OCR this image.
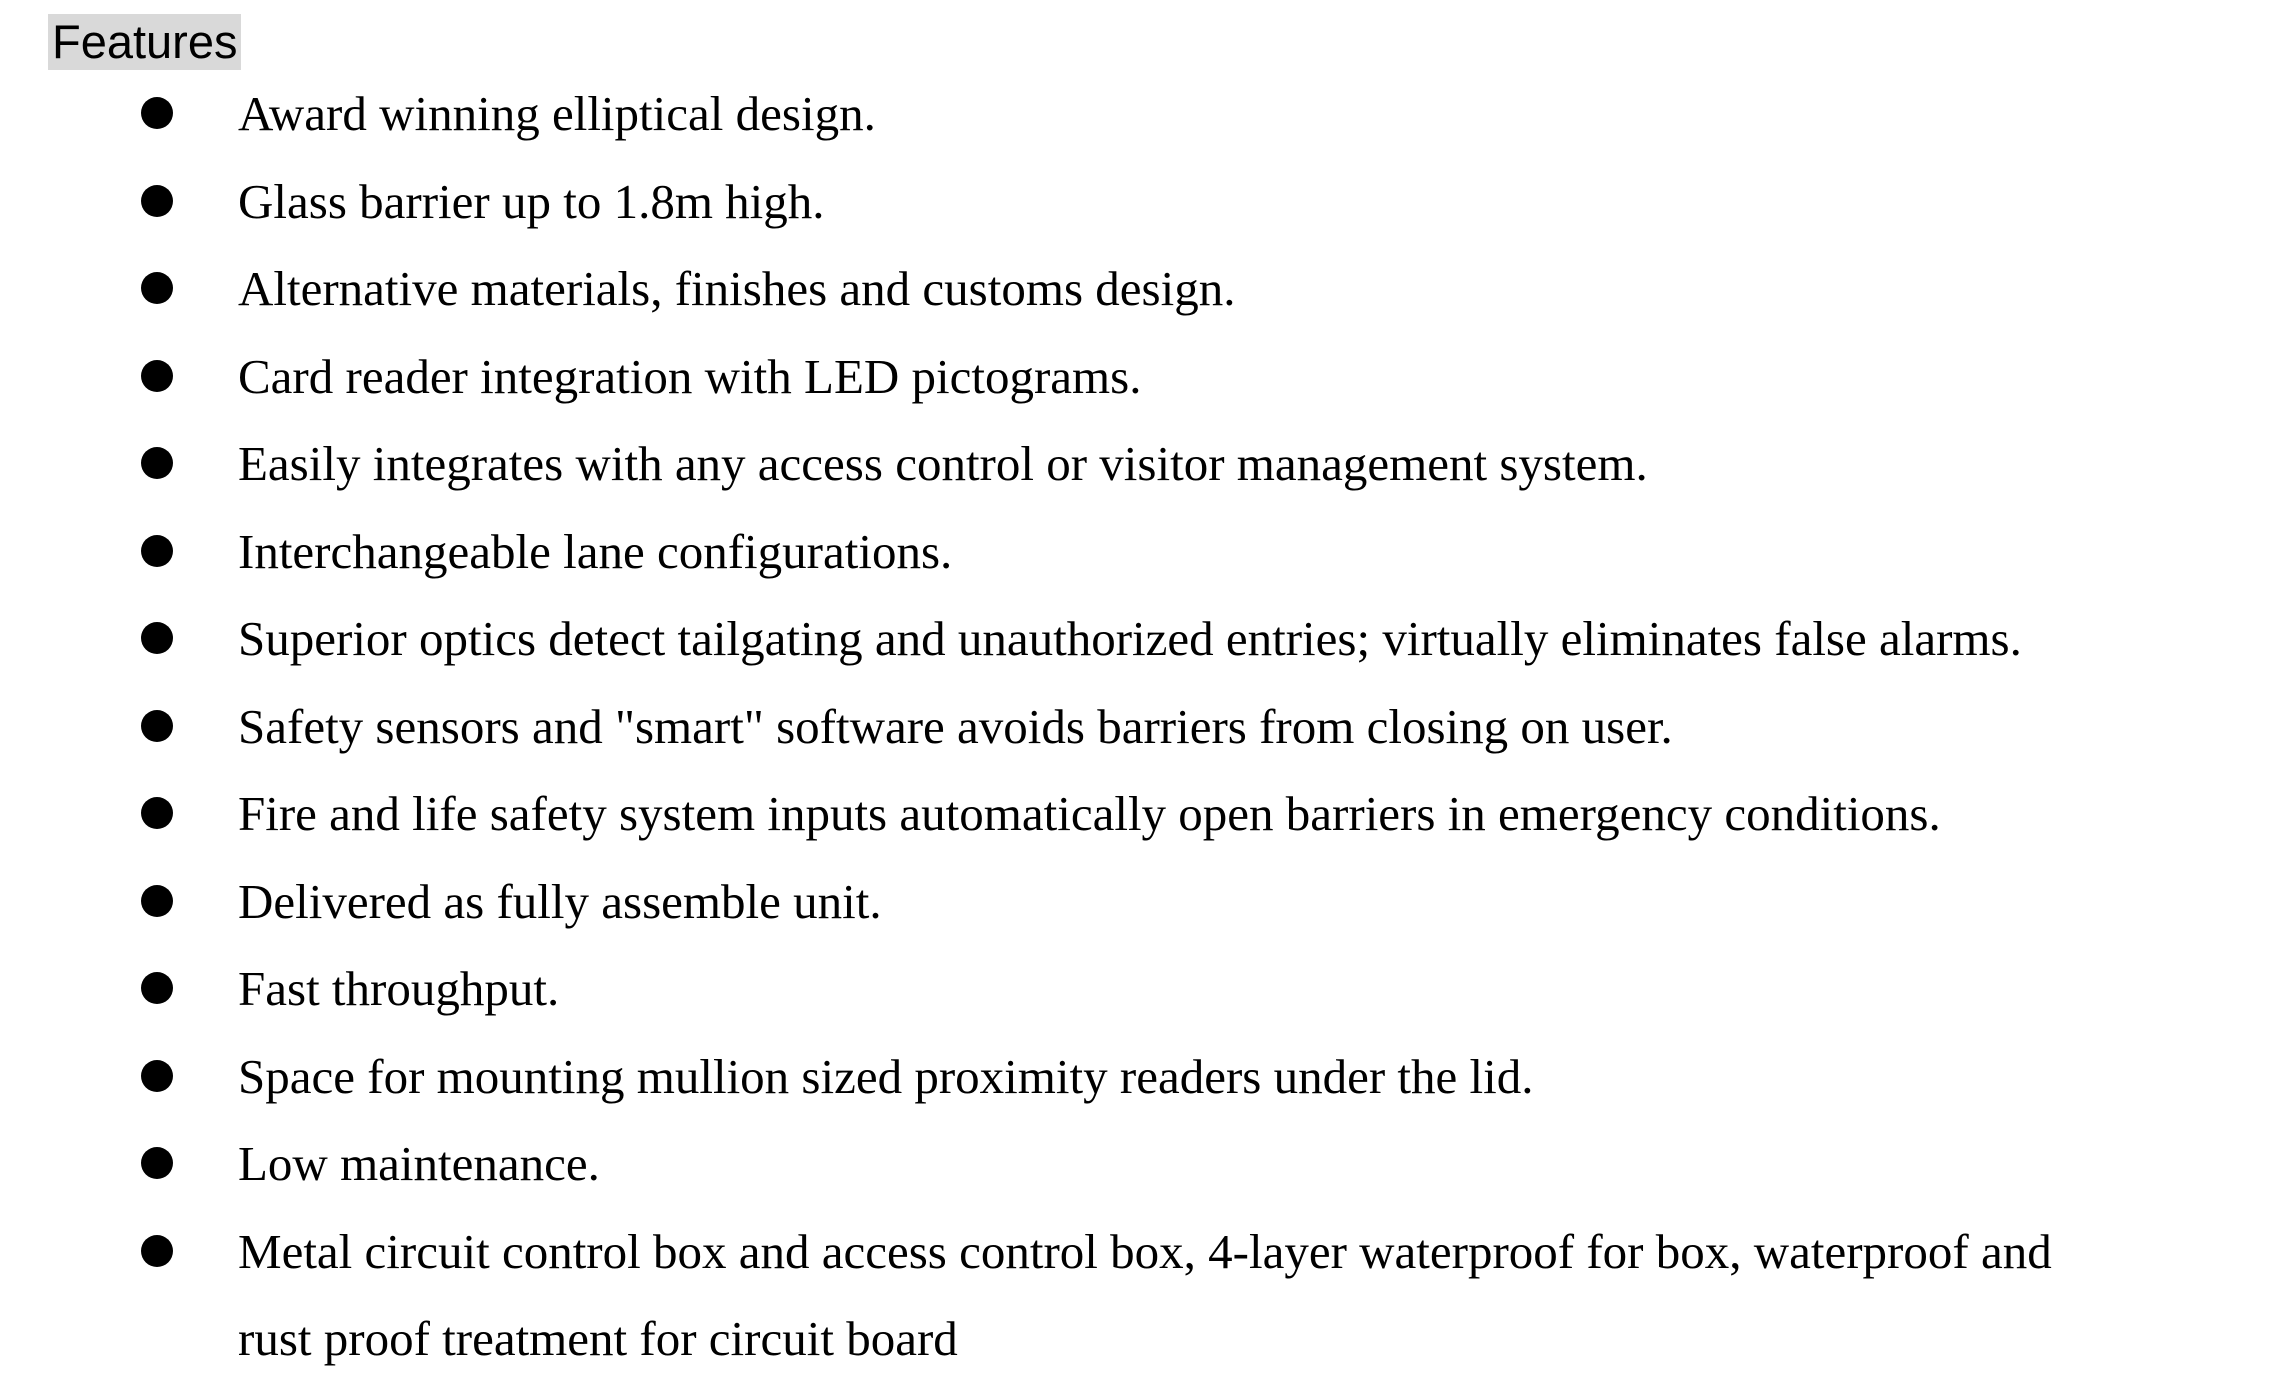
Features
Award winning elliptical design.
Glass barrier up to 1.8m high.
Alternative materials, finishes and customs design.
Card reader integration with LED pictograms.
Easily integrates with any access control or visitor management system.
Interchangeable lane configurations.
Superior optics detect tailgating and unauthorized entries; virtually eliminates false alarms.
Safety sensors and "smart" software avoids barriers from closing on user.
Fire and life safety system inputs automatically open barriers in emergency conditions.
Delivered as fully assemble unit.
Fast throughput.
Space for mounting mullion sized proximity readers under the lid.
Low maintenance.
Metal circuit control box and access control box, 4-layer waterproof for box, waterproof and
rust proof treatment for circuit board
